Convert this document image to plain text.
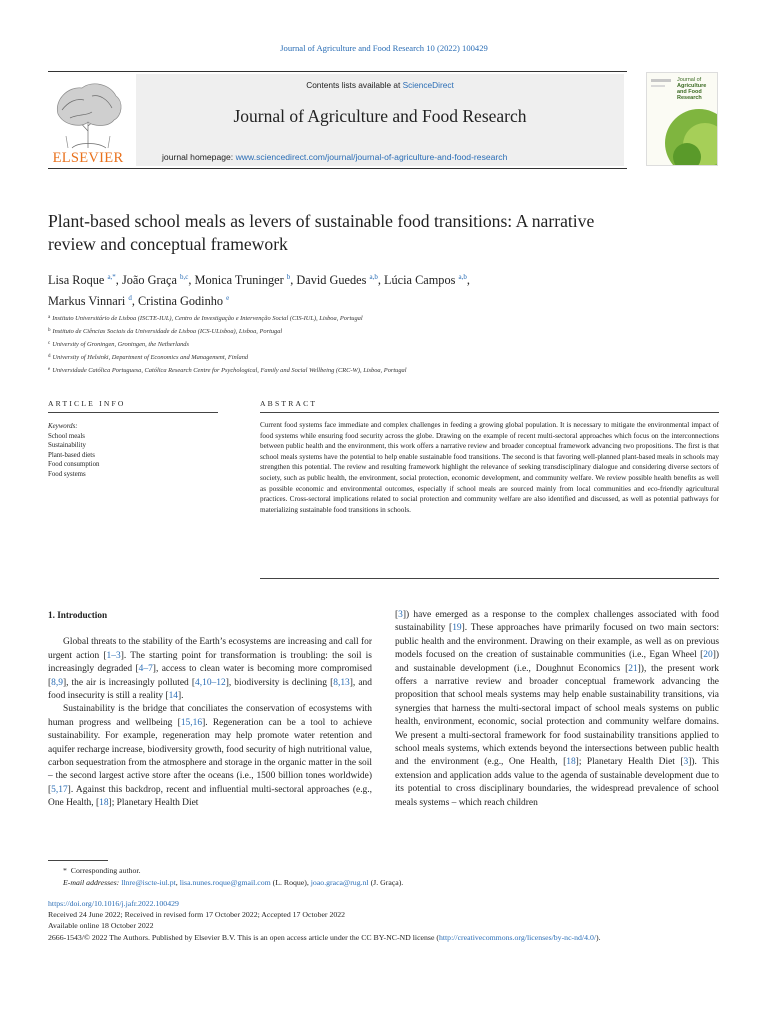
Journal of Agriculture and Food Research 10 (2022) 100429
ELSEVIER
Contents lists available at ScienceDirect
Journal of Agriculture and Food Research
journal homepage: www.sciencedirect.com/journal/journal-of-agriculture-and-food-research
Journal of
Agriculture
and Food
Research
Plant-based school meals as levers of sustainable food transitions: A narrative review and conceptual framework
Lisa Roque $^{a,*}$, João Graça $^{b,c}$, Monica Truninger $^b$, David Guedes $^{a,b}$, Lúcia Campos $^{a,b}$,
Markus Vinnari $^d$, Cristina Godinho $^e$
$^a$ Instituto Universitário de Lisboa (ISCTE-IUL), Centro de Investigação e Intervenção Social (CIS-IUL), Lisboa, Portugal
$^b$ Instituto de Ciências Sociais da Universidade de Lisboa (ICS-ULisboa), Lisboa, Portugal
$^c$ University of Groningen, Groningen, the Netherlands
$^d$ University of Helsinki, Department of Economics and Management, Finland
$^e$ Universidade Católica Portuguesa, Católica Research Centre for Psychological, Family and Social Wellbeing (CRC-W), Lisboa, Portugal
ARTICLE INFO
Keywords:
School meals
Sustainability
Plant-based diets
Food consumption
Food systems
ABSTRACT
Current food systems face immediate and complex challenges in feeding a growing global population. It is necessary to mitigate the environmental impact of food systems while ensuring food security across the globe. Drawing on the example of recent multi-sectoral approaches which focus on the interconnections between public health and the environment, this work offers a narrative review and broader conceptual framework advancing two propositions. The first is that school meals systems have the potential to help enable sustainable food transitions. The second is that favoring well-planned plant-based meals in schools may strengthen this potential. The review and resulting framework highlight the relevance of seeking transdisciplinary dialogue and considering diverse sectors of society, such as public health, the environment, social protection, economic development, and community welfare. We review possible health benefits as well as possible economic and environmental outcomes, especially if school meals are sourced mainly from local communities and eco-friendly agricultural practices. Cross-sectoral implications related to social protection and community welfare are also identified and discussed, as well as potential pathways for materializing sustainable food transitions in schools.
1. Introduction

Global threats to the stability of the Earth’s ecosystems are increasing and call for urgent action [1–3]. The starting point for transformation is troubling: the soil is increasingly degraded [4–7], access to clean water is becoming more compromised [8,9], the air is increasingly polluted [4,10–12], biodiversity is declining [8,13], and food insecurity is still a reality [14].

Sustainability is the bridge that conciliates the conservation of ecosystems with human progress and wellbeing [15,16]. Regeneration can be a tool to achieve sustainability. For example, regeneration may help promote water retention and aquifer recharge increase, biodiversity growth, food security of high nutritional value, carbon sequestration from the atmosphere and storage in the organic matter in the soil – the second largest active store after the oceans (i.e., 1500 billion tones worldwide) [5,17]. Against this backdrop, recent and influential multi-sectoral approaches (e.g., One Health, [18]; Planetary Health Diet

[3]) have emerged as a response to the complex challenges associated with food sustainability [19]. These approaches have primarily focused on two main sectors: public health and the environment. Drawing on their example, as well as on previous models focused on the creation of sustainable communities (i.e., Egan Wheel [20]) and sustainable development (i.e., Doughnut Economics [21]), the present work offers a narrative review and broader conceptual framework advancing the proposition that school meals systems may help enable sustainability transitions, via synergies that harness the multi-sectoral impact of school meals systems on public health, environment, economic, social protection and community welfare domains. We present a multi-sectoral framework for food sustainability transitions applied to school meals systems, which extends beyond the intersections between public health and the environment (e.g., One Health, [18]; Planetary Health Diet [3]). This extension and application adds value to the agenda of sustainable development due to its potential to cross disciplinary boundaries, the widespread prevalence of school meals systems – which reach children

*  Corresponding author.
E-mail addresses: llnre@iscte-iul.pt, lisa.nunes.roque@gmail.com (L. Roque), joao.graca@rug.nl (J. Graça).
https://doi.org/10.1016/j.jafr.2022.100429
Received 24 June 2022; Received in revised form 17 October 2022; Accepted 17 October 2022
Available online 18 October 2022
2666-1543/© 2022 The Authors. Published by Elsevier B.V. This is an open access article under the CC BY-NC-ND license (http://creativecommons.org/licenses/by-nc-nd/4.0/).
